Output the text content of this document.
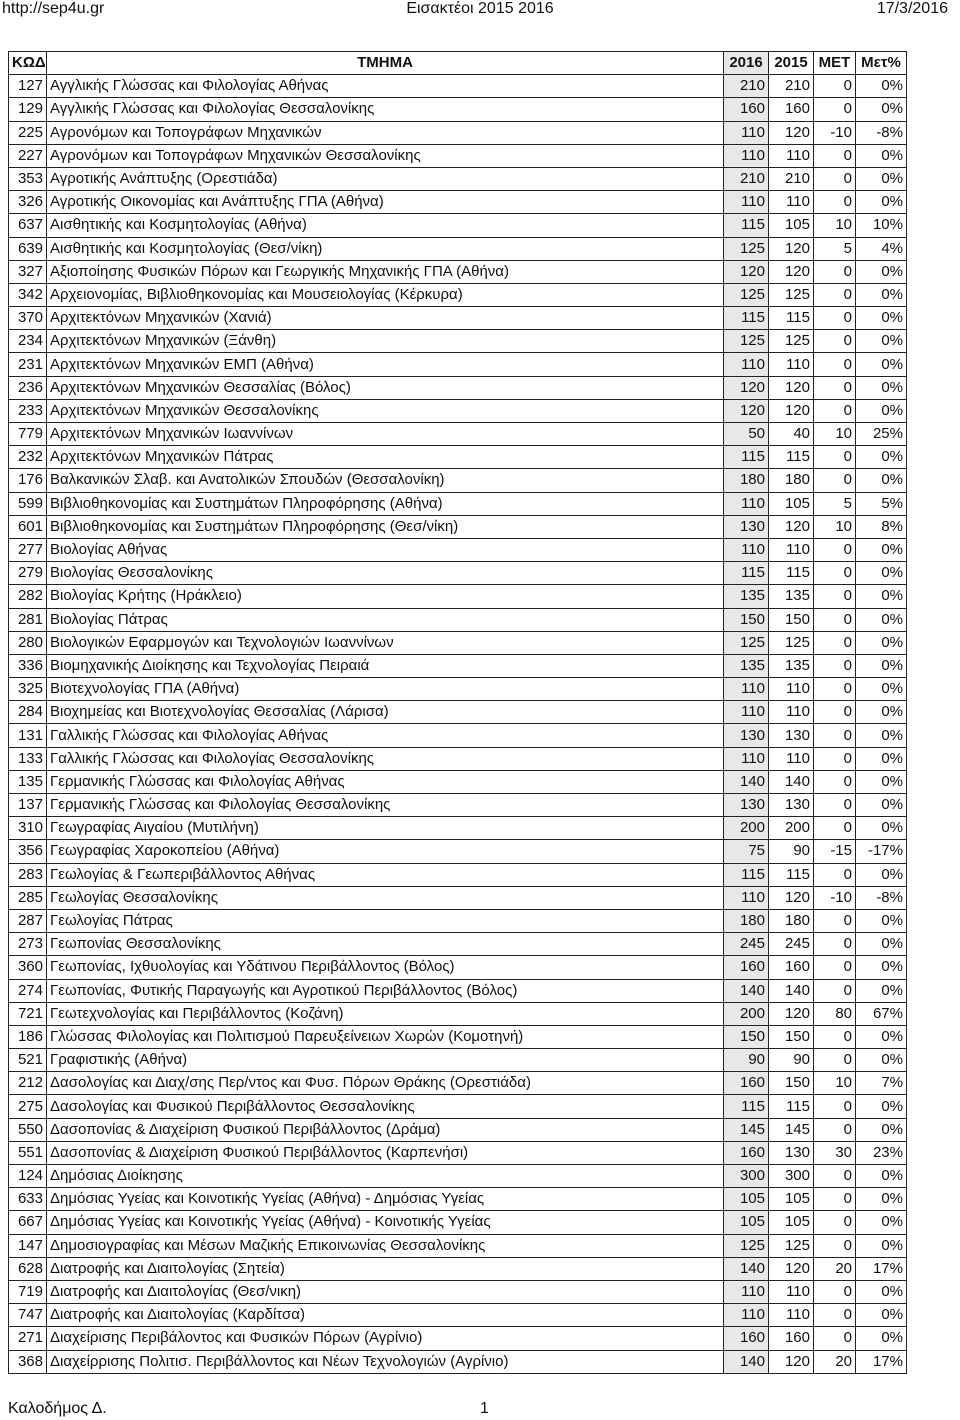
http://sep4u.gr	Εισακτέοι 2015 2016	17/3/2016
ΚΩΔ	ΤΜΗΜΑ	2016	2015	ΜΕΤ	Μετ%
127	Αγγλικής Γλώσσας και Φιλολογίας Αθήνας	210	210	0	0%
129	Αγγλικής Γλώσσας και Φιλολογίας Θεσσαλονίκης	160	160	0	0%
225	Αγρονόμων και Τοπογράφων Μηχανικών	110	120	-10	-8%
227	Αγρονόμων και Τοπογράφων Μηχανικών Θεσσαλονίκης	110	110	0	0%
353	Αγροτικής Ανάπτυξης (Ορεστιάδα)	210	210	0	0%
326	Αγροτικής Οικονομίας και Ανάπτυξης ΓΠΑ (Αθήνα)	110	110	0	0%
637	Αισθητικής και Κοσμητολογίας (Αθήνα)	115	105	10	10%
639	Αισθητικής και Κοσμητολογίας (Θεσ/νίκη)	125	120	5	4%
327	Αξιοποίησης Φυσικών Πόρων και Γεωργικής Μηχανικής ΓΠΑ (Αθήνα)	120	120	0	0%
342	Αρχειονομίας, Βιβλιοθηκονομίας και Μουσειολογίας (Κέρκυρα)	125	125	0	0%
370	Αρχιτεκτόνων Μηχανικών (Χανιά)	115	115	0	0%
234	Αρχιτεκτόνων Μηχανικών (Ξάνθη)	125	125	0	0%
231	Αρχιτεκτόνων Μηχανικών ΕΜΠ (Αθήνα)	110	110	0	0%
236	Αρχιτεκτόνων Μηχανικών Θεσσαλίας (Βόλος)	120	120	0	0%
233	Αρχιτεκτόνων Μηχανικών Θεσσαλονίκης	120	120	0	0%
779	Αρχιτεκτόνων Μηχανικών Ιωαννίνων	50	40	10	25%
232	Αρχιτεκτόνων Μηχανικών Πάτρας	115	115	0	0%
176	Βαλκανικών Σλαβ. και Ανατολικών Σπουδών (Θεσσαλονίκη)	180	180	0	0%
599	Βιβλιοθηκονομίας και Συστημάτων Πληροφόρησης (Αθήνα)	110	105	5	5%
601	Βιβλιοθηκονομίας και Συστημάτων Πληροφόρησης (Θεσ/νίκη)	130	120	10	8%
277	Βιολογίας Αθήνας	110	110	0	0%
279	Βιολογίας Θεσσαλονίκης	115	115	0	0%
282	Βιολογίας Κρήτης (Ηράκλειο)	135	135	0	0%
281	Βιολογίας Πάτρας	150	150	0	0%
280	Βιολογικών Εφαρμογών και Τεχνολογιών Ιωαννίνων	125	125	0	0%
336	Βιομηχανικής Διοίκησης και Τεχνολογίας Πειραιά	135	135	0	0%
325	Βιοτεχνολογίας ΓΠΑ (Αθήνα)	110	110	0	0%
284	Βιοχημείας και Βιοτεχνολογίας Θεσσαλίας (Λάρισα)	110	110	0	0%
131	Γαλλικής Γλώσσας και Φιλολογίας Αθήνας	130	130	0	0%
133	Γαλλικής Γλώσσας και Φιλολογίας Θεσσαλονίκης	110	110	0	0%
135	Γερμανικής Γλώσσας και Φιλολογίας Αθήνας	140	140	0	0%
137	Γερμανικής Γλώσσας και Φιλολογίας Θεσσαλονίκης	130	130	0	0%
310	Γεωγραφίας Αιγαίου (Μυτιλήνη)	200	200	0	0%
356	Γεωγραφίας Χαροκοπείου (Αθήνα)	75	90	-15	-17%
283	Γεωλογίας & Γεωπεριβάλλοντος Αθήνας	115	115	0	0%
285	Γεωλογίας Θεσσαλονίκης	110	120	-10	-8%
287	Γεωλογίας Πάτρας	180	180	0	0%
273	Γεωπονίας Θεσσαλονίκης	245	245	0	0%
360	Γεωπονίας, Ιχθυολογίας και Υδάτινου Περιβάλλοντος (Βόλος)	160	160	0	0%
274	Γεωπονίας, Φυτικής Παραγωγής και Αγροτικού Περιβάλλοντος (Βόλος)	140	140	0	0%
721	Γεωτεχνολογίας και Περιβάλλοντος (Κοζάνη)	200	120	80	67%
186	Γλώσσας Φιλολογίας και Πολιτισμού Παρευξείνειων Χωρών (Κομοτηνή)	150	150	0	0%
521	Γραφιστικής (Αθήνα)	90	90	0	0%
212	Δασολογίας και Διαχ/σης Περ/ντος και Φυσ. Πόρων Θράκης (Ορεστιάδα)	160	150	10	7%
275	Δασολογίας και Φυσικού Περιβάλλοντος Θεσσαλονίκης	115	115	0	0%
550	Δασοπονίας & Διαχείριση Φυσικού Περιβάλλοντος (Δράμα)	145	145	0	0%
551	Δασοπονίας & Διαχείριση Φυσικού Περιβάλλοντος (Καρπενήσι)	160	130	30	23%
124	Δημόσιας Διοίκησης	300	300	0	0%
633	Δημόσιας Υγείας και Κοινοτικής Υγείας (Αθήνα) - Δημόσιας Υγείας	105	105	0	0%
667	Δημόσιας Υγείας και Κοινοτικής Υγείας (Αθήνα) - Κοινοτικής Υγείας	105	105	0	0%
147	Δημοσιογραφίας και Μέσων Μαζικής Επικοινωνίας Θεσσαλονίκης	125	125	0	0%
628	Διατροφής και Διαιτολογίας (Σητεία)	140	120	20	17%
719	Διατροφής και Διαιτολογίας (Θεσ/νικη)	110	110	0	0%
747	Διατροφής και Διαιτολογίας (Καρδίτσα)	110	110	0	0%
271	Διαχείρισης Περιβάλοντος και Φυσικών Πόρων (Αγρίνιο)	160	160	0	0%
368	Διαχείρρισης Πολιτισ. Περιβάλλοντος και Νέων Τεχνολογιών (Αγρίνιο)	140	120	20	17%
Καλοδήμος Δ.	1
